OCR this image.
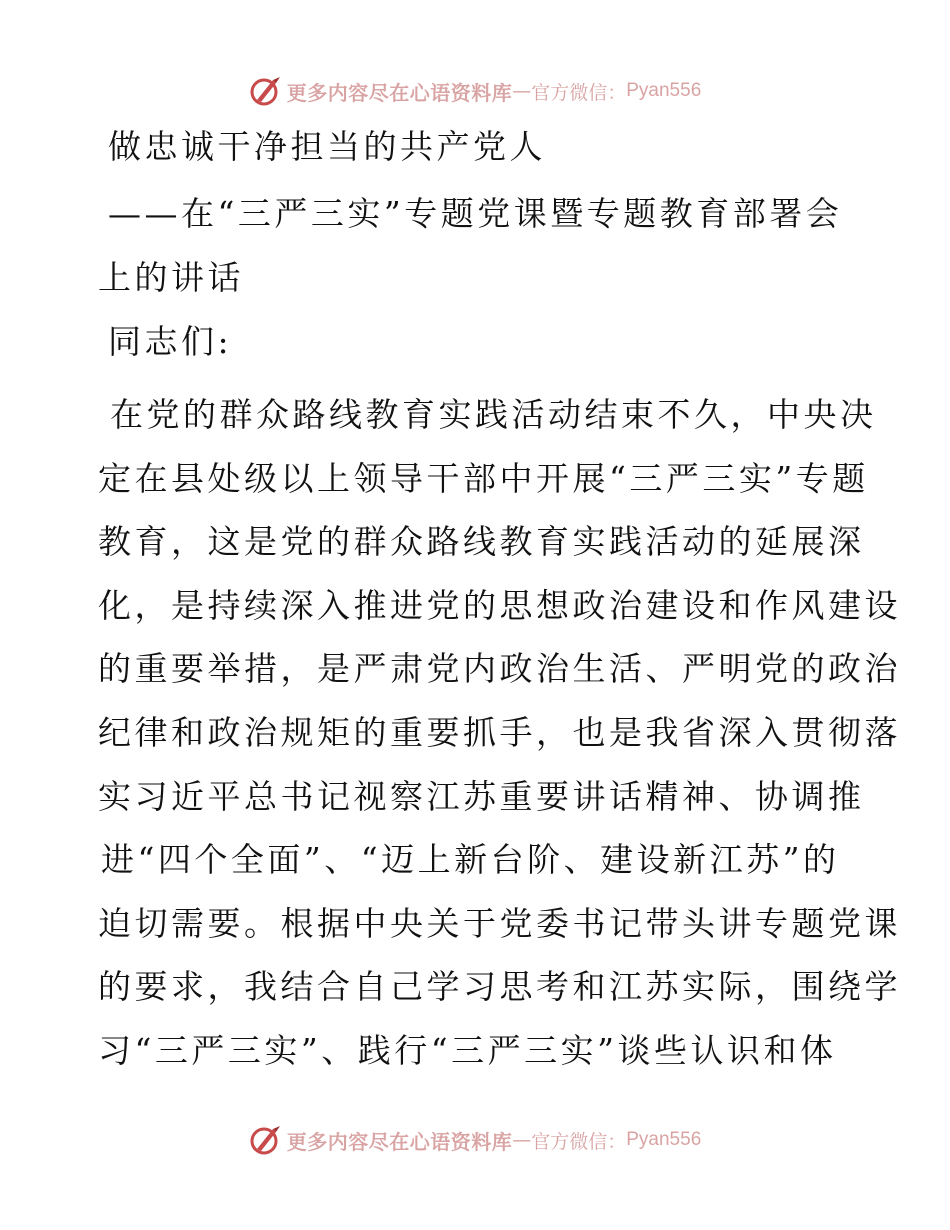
更多内容尽在心语资料库 — 官方微信： Pyan556
做忠诚干净担当的共产党人
——在“三严三实”专题党课暨专题教育部署会
上的讲话
同志们:
在党的群众路线教育实践活动结束不久，中央决
定在县处级以上领导干部中开展“三严三实”专题
教育，这是党的群众路线教育实践活动的延展深
化，是持续深入推进党的思想政治建设和作风建设
的重要举措，是严肃党内政治生活、严明党的政治
纪律和政治规矩的重要抓手，也是我省深入贯彻落
实习近平总书记视察江苏重要讲话精神、协调推
进“四个全面”、“迈上新台阶、建设新江苏”的
迫切需要。根据中央关于党委书记带头讲专题党课
的要求，我结合自己学习思考和江苏实际，围绕学
习“三严三实”、践行“三严三实”谈些认识和体
更多内容尽在心语资料库 — 官方微信： Pyan556
